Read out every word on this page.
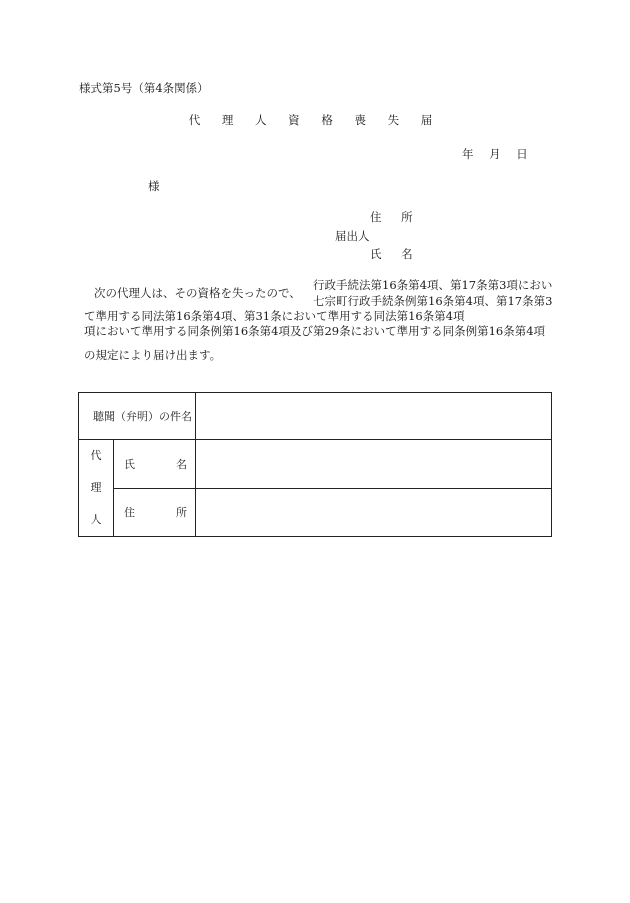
様式第5号（第4条関係）
代 理 人 資 格 喪 失 届
年 月 日
様
住 所
届出人
氏 名
次の代理人は、その資格を失ったので、
行政手続法第16条第4項、第17条第3項におい
七宗町行政手続条例第16条第4項、第17条第3
て準用する同法第16条第4項、第31条において準用する同法第16条第4項
項において準用する同条例第16条第4項及び第29条において準用する同条例第16条第4項
の規定により届け出ます。
聴聞（弁明）の件名		

代
理
人	氏 名	

	住 所	
